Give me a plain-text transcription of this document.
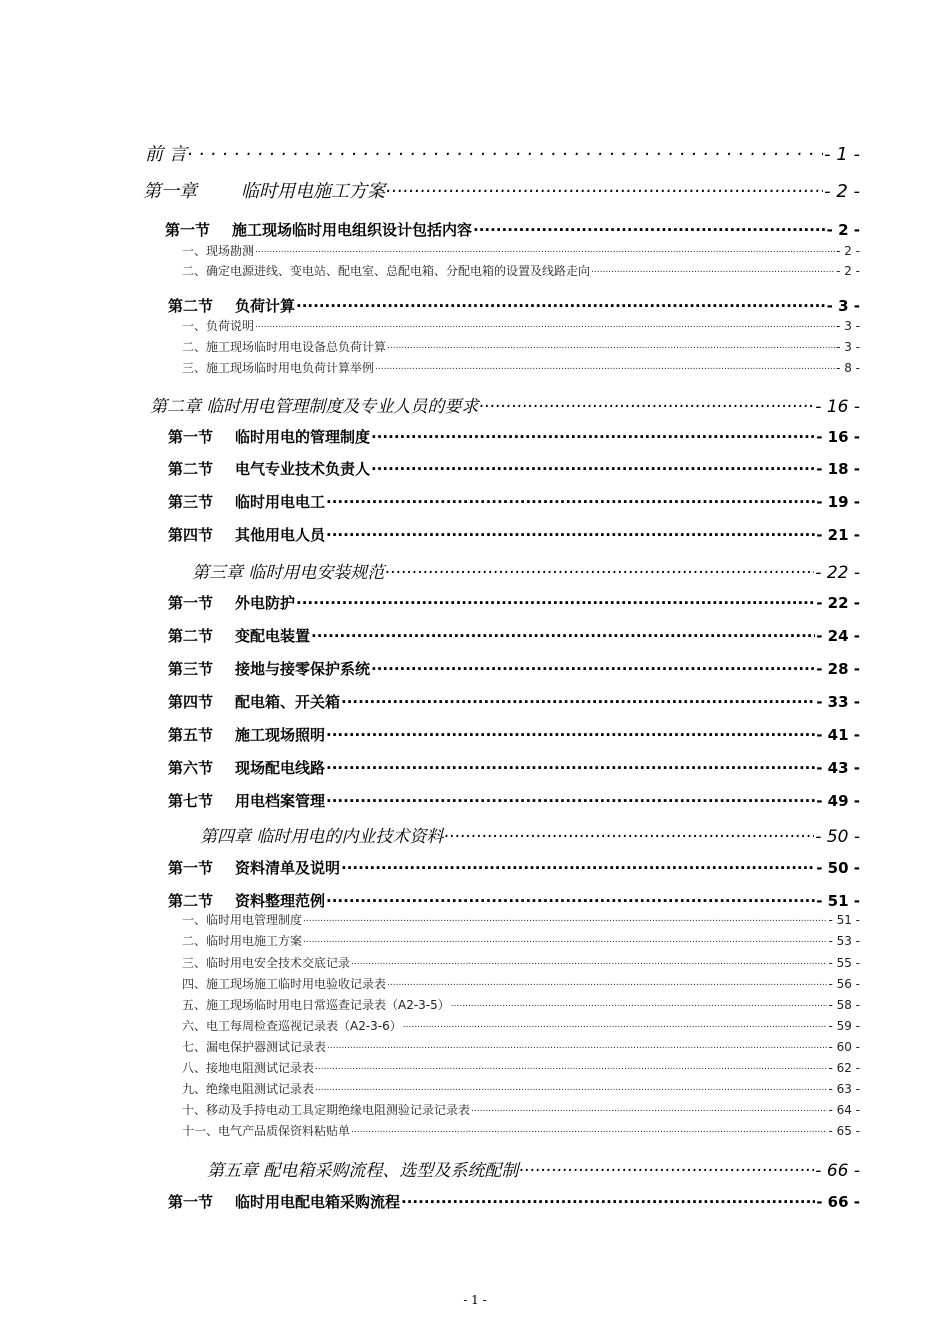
前 言 .....	- 1 -
第一章 临时用电施工方案 .....	- 2 -
第一节 施工现场临时用电组织设计包括内容 .....	- 2 -
一、现场勘测 .....	- 2 -
二、确定电源进线、变电站、配电室、总配电箱、分配电箱的设置及线路走向 .....	- 2 -
第二节 负荷计算 .....	- 3 -
一、负荷说明 .....	- 3 -
二、施工现场临时用电设备总负荷计算 .....	- 3 -
三、施工现场临时用电负荷计算举例 .....	- 8 -
第二章 临时用电管理制度及专业人员的要求 .....	- 16 -
第一节 临时用电的管理制度 .....	- 16 -
第二节 电气专业技术负责人 .....	- 18 -
第三节 临时用电电工 .....	- 19 -
第四节 其他用电人员 .....	- 21 -
第三章 临时用电安装规范 .....	- 22 -
第一节 外电防护 .....	- 22 -
第二节 变配电装置 .....	- 24 -
第三节 接地与接零保护系统 .....	- 28 -
第四节 配电箱、开关箱 .....	- 33 -
第五节 施工现场照明 .....	- 41 -
第六节 现场配电线路 .....	- 43 -
第七节 用电档案管理 .....	- 49 -
第四章 临时用电的内业技术资料 .....	- 50 -
第一节 资料清单及说明 .....	- 50 -
第二节 资料整理范例 .....	- 51 -
一、临时用电管理制度 .....	- 51 -
二、临时用电施工方案 .....	- 53 -
三、临时用电安全技术交底记录 .....	- 55 -
四、施工现场施工临时用电验收记录表 .....	- 56 -
五、施工现场临时用电日常巡查记录表（A2-3-5） .....	- 58 -
六、电工每周检查巡视记录表（A2-3-6） .....	- 59 -
七、漏电保护器测试记录表 .....	- 60 -
八、接地电阻测试记录表 .....	- 62 -
九、绝缘电阻测试记录表 .....	- 63 -
十、移动及手持电动工具定期绝缘电阻测验记录记录表 .....	- 64 -
十一、电气产品质保资料粘贴单 .....	- 65 -
第五章 配电箱采购流程、选型及系统配制 .....	- 66 -
第一节 临时用电配电箱采购流程 .....	- 66 -
- 1 -
